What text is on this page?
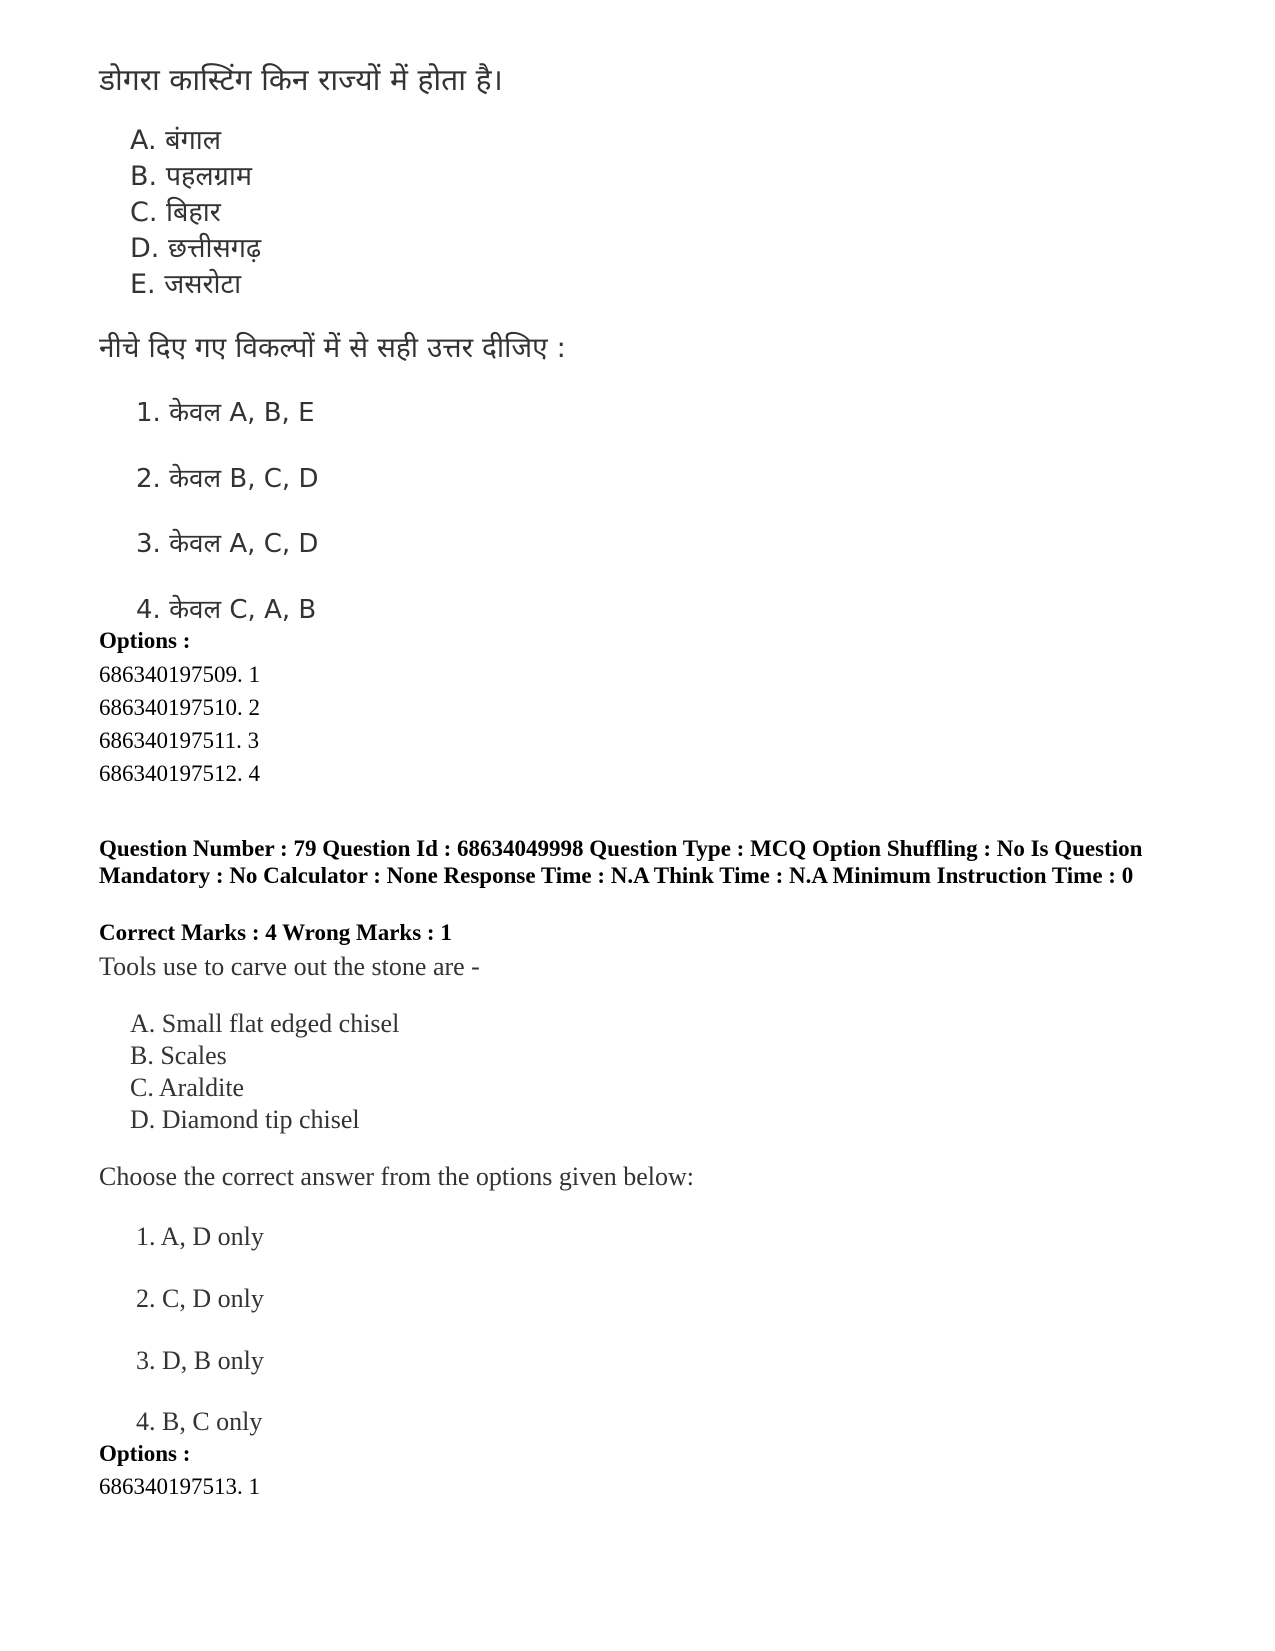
डोगरा कास्टिंग किन राज्यों में होता है।
A. बंगाल
B. पहलग्राम
C. बिहार
D. छत्तीसगढ़
E. जसरोटा
नीचे दिए गए विकल्पों में से सही उत्तर दीजिए :
1. केवल A, B, E
2. केवल B, C, D
3. केवल A, C, D
4. केवल C, A, B
Options :
686340197509. 1
686340197510. 2
686340197511. 3
686340197512. 4
Question Number : 79 Question Id : 68634049998 Question Type : MCQ Option Shuffling : No Is Question Mandatory : No Calculator : None Response Time : N.A Think Time : N.A Minimum Instruction Time : 0
Correct Marks : 4 Wrong Marks : 1
Tools use to carve out the stone are -
A. Small flat edged chisel
B. Scales
C. Araldite
D. Diamond tip chisel
Choose the correct answer from the options given below:
1. A, D only
2. C, D only
3. D, B only
4. B, C only
Options :
686340197513. 1
